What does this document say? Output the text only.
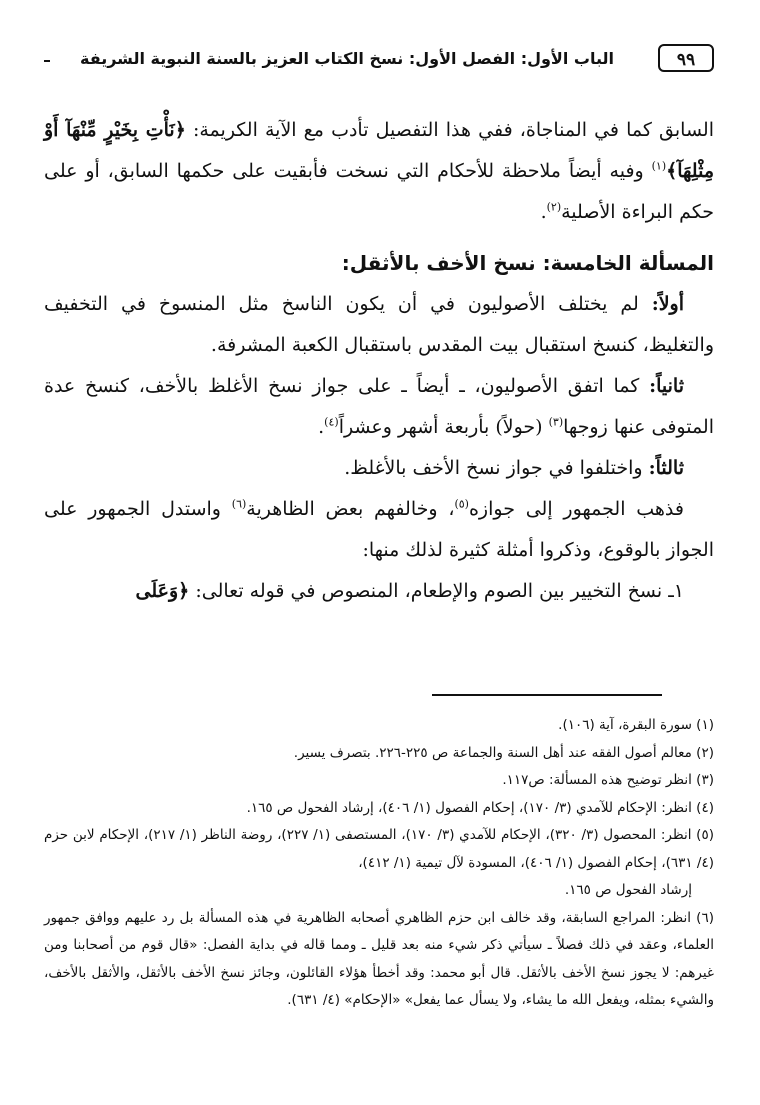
٩٩
الباب الأول: الفصل الأول: نسخ الكتاب العزيز بالسنة النبوية الشريفة

السابق كما في المناجاة، ففي هذا التفصيل تأدب مع الآية الكريمة: ﴿نَأْتِ بِخَيْرٍ مِّنْهَآ أَوْ مِثْلِهَآ﴾$^{(١)}$ وفيه أيضاً ملاحظة للأحكام التي نسخت فأبقيت على حكمها السابق، أو على حكم البراءة الأصلية$^{(٢)}$.

المسألة الخامسة: نسخ الأخف بالأثقل:

أولاً: لم يختلف الأصوليون في أن يكون الناسخ مثل المنسوخ في التخفيف والتغليظ، كنسخ استقبال بيت المقدس باستقبال الكعبة المشرفة.

ثانياً: كما اتفق الأصوليون، ـ أيضاً ـ على جواز نسخ الأغلظ بالأخف، كنسخ عدة المتوفى عنها زوجها$^{(٣)}$ (حولاً) بأربعة أشهر وعشراً$^{(٤)}$.

ثالثاً: واختلفوا في جواز نسخ الأخف بالأغلظ.

فذهب الجمهور إلى جوازه$^{(٥)}$، وخالفهم بعض الظاهرية$^{(٦)}$ واستدل الجمهور على الجواز بالوقوع، وذكروا أمثلة كثيرة لذلك منها:

١ـ نسخ التخيير بين الصوم والإطعام، المنصوص في قوله تعالى: ﴿وَعَلَى

(١) سورة البقرة، آية (١٠٦).

(٢) معالم أصول الفقه عند أهل السنة والجماعة ص ٢٢٥-٢٢٦. بتصرف يسير.

(٣) انظر توضيح هذه المسألة: ص١١٧.

(٤) انظر: الإحكام للآمدي (٣/ ١٧٠)، إحكام الفصول (١/ ٤٠٦)، إرشاد الفحول ص ١٦٥.

(٥) انظر: المحصول (٣/ ٣٢٠)، الإحكام للآمدي (٣/ ١٧٠)، المستصفى (١/ ٢٢٧)، روضة الناظر (١/ ٢١٧)، الإحكام لابن حزم (٤/ ٦٣١)، إحكام الفصول (١/ ٤٠٦)، المسودة لآل تيمية (١/ ٤١٢)،

إرشاد الفحول ص ١٦٥.

(٦) انظر: المراجع السابقة، وقد خالف ابن حزم الظاهري أصحابه الظاهرية في هذه المسألة بل رد عليهم ووافق جمهور العلماء، وعقد في ذلك فصلاً ـ سيأتي ذكر شيء منه بعد قليل ـ ومما قاله في بداية الفصل: «قال قوم من أصحابنا ومن غيرهم: لا يجوز نسخ الأخف بالأثقل. قال أبو محمد: وقد أخطأ هؤلاء القائلون، وجائز نسخ الأخف بالأثقل، والأثقل بالأخف، والشيء بمثله، ويفعل الله ما يشاء، ولا يسأل عما يفعل» «الإحكام» (٤/ ٦٣١).
